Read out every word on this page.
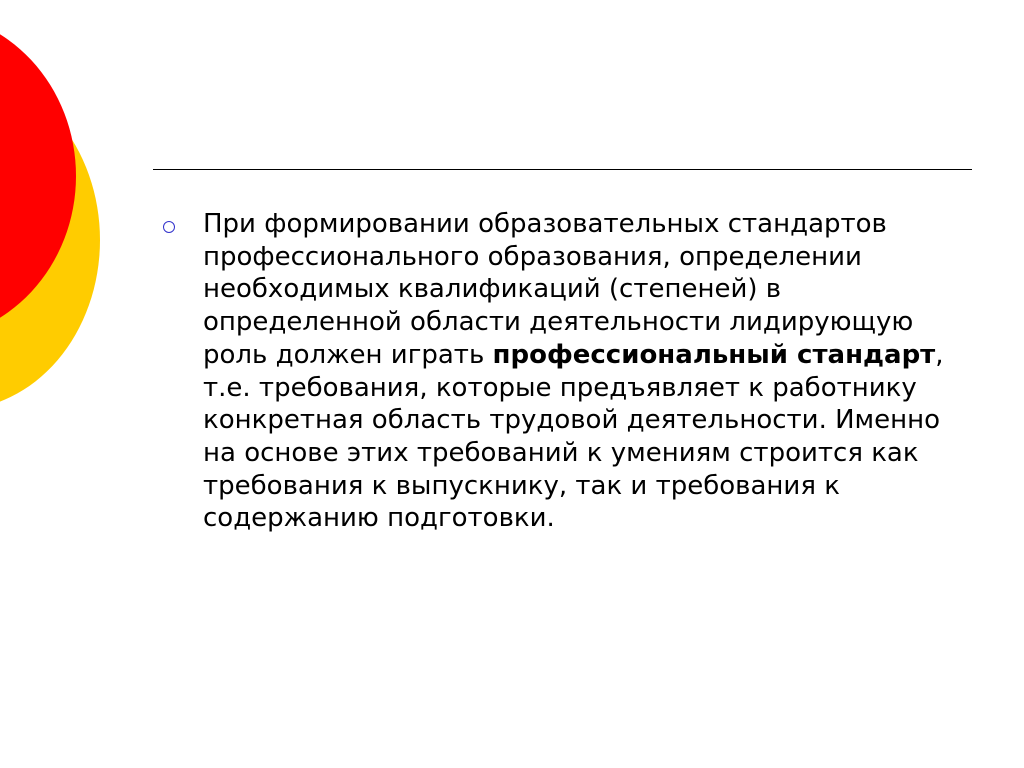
При формировании образовательных стандартов профессионального образования, определении необходимых квалификаций (степеней) в определенной области деятельности лидирующую роль должен играть профессиональный стандарт, т.е. требования, которые предъявляет к работнику конкретная область трудовой деятельности. Именно на основе этих требований к умениям строится как требования к выпускнику, так и требования к содержанию подготовки.
